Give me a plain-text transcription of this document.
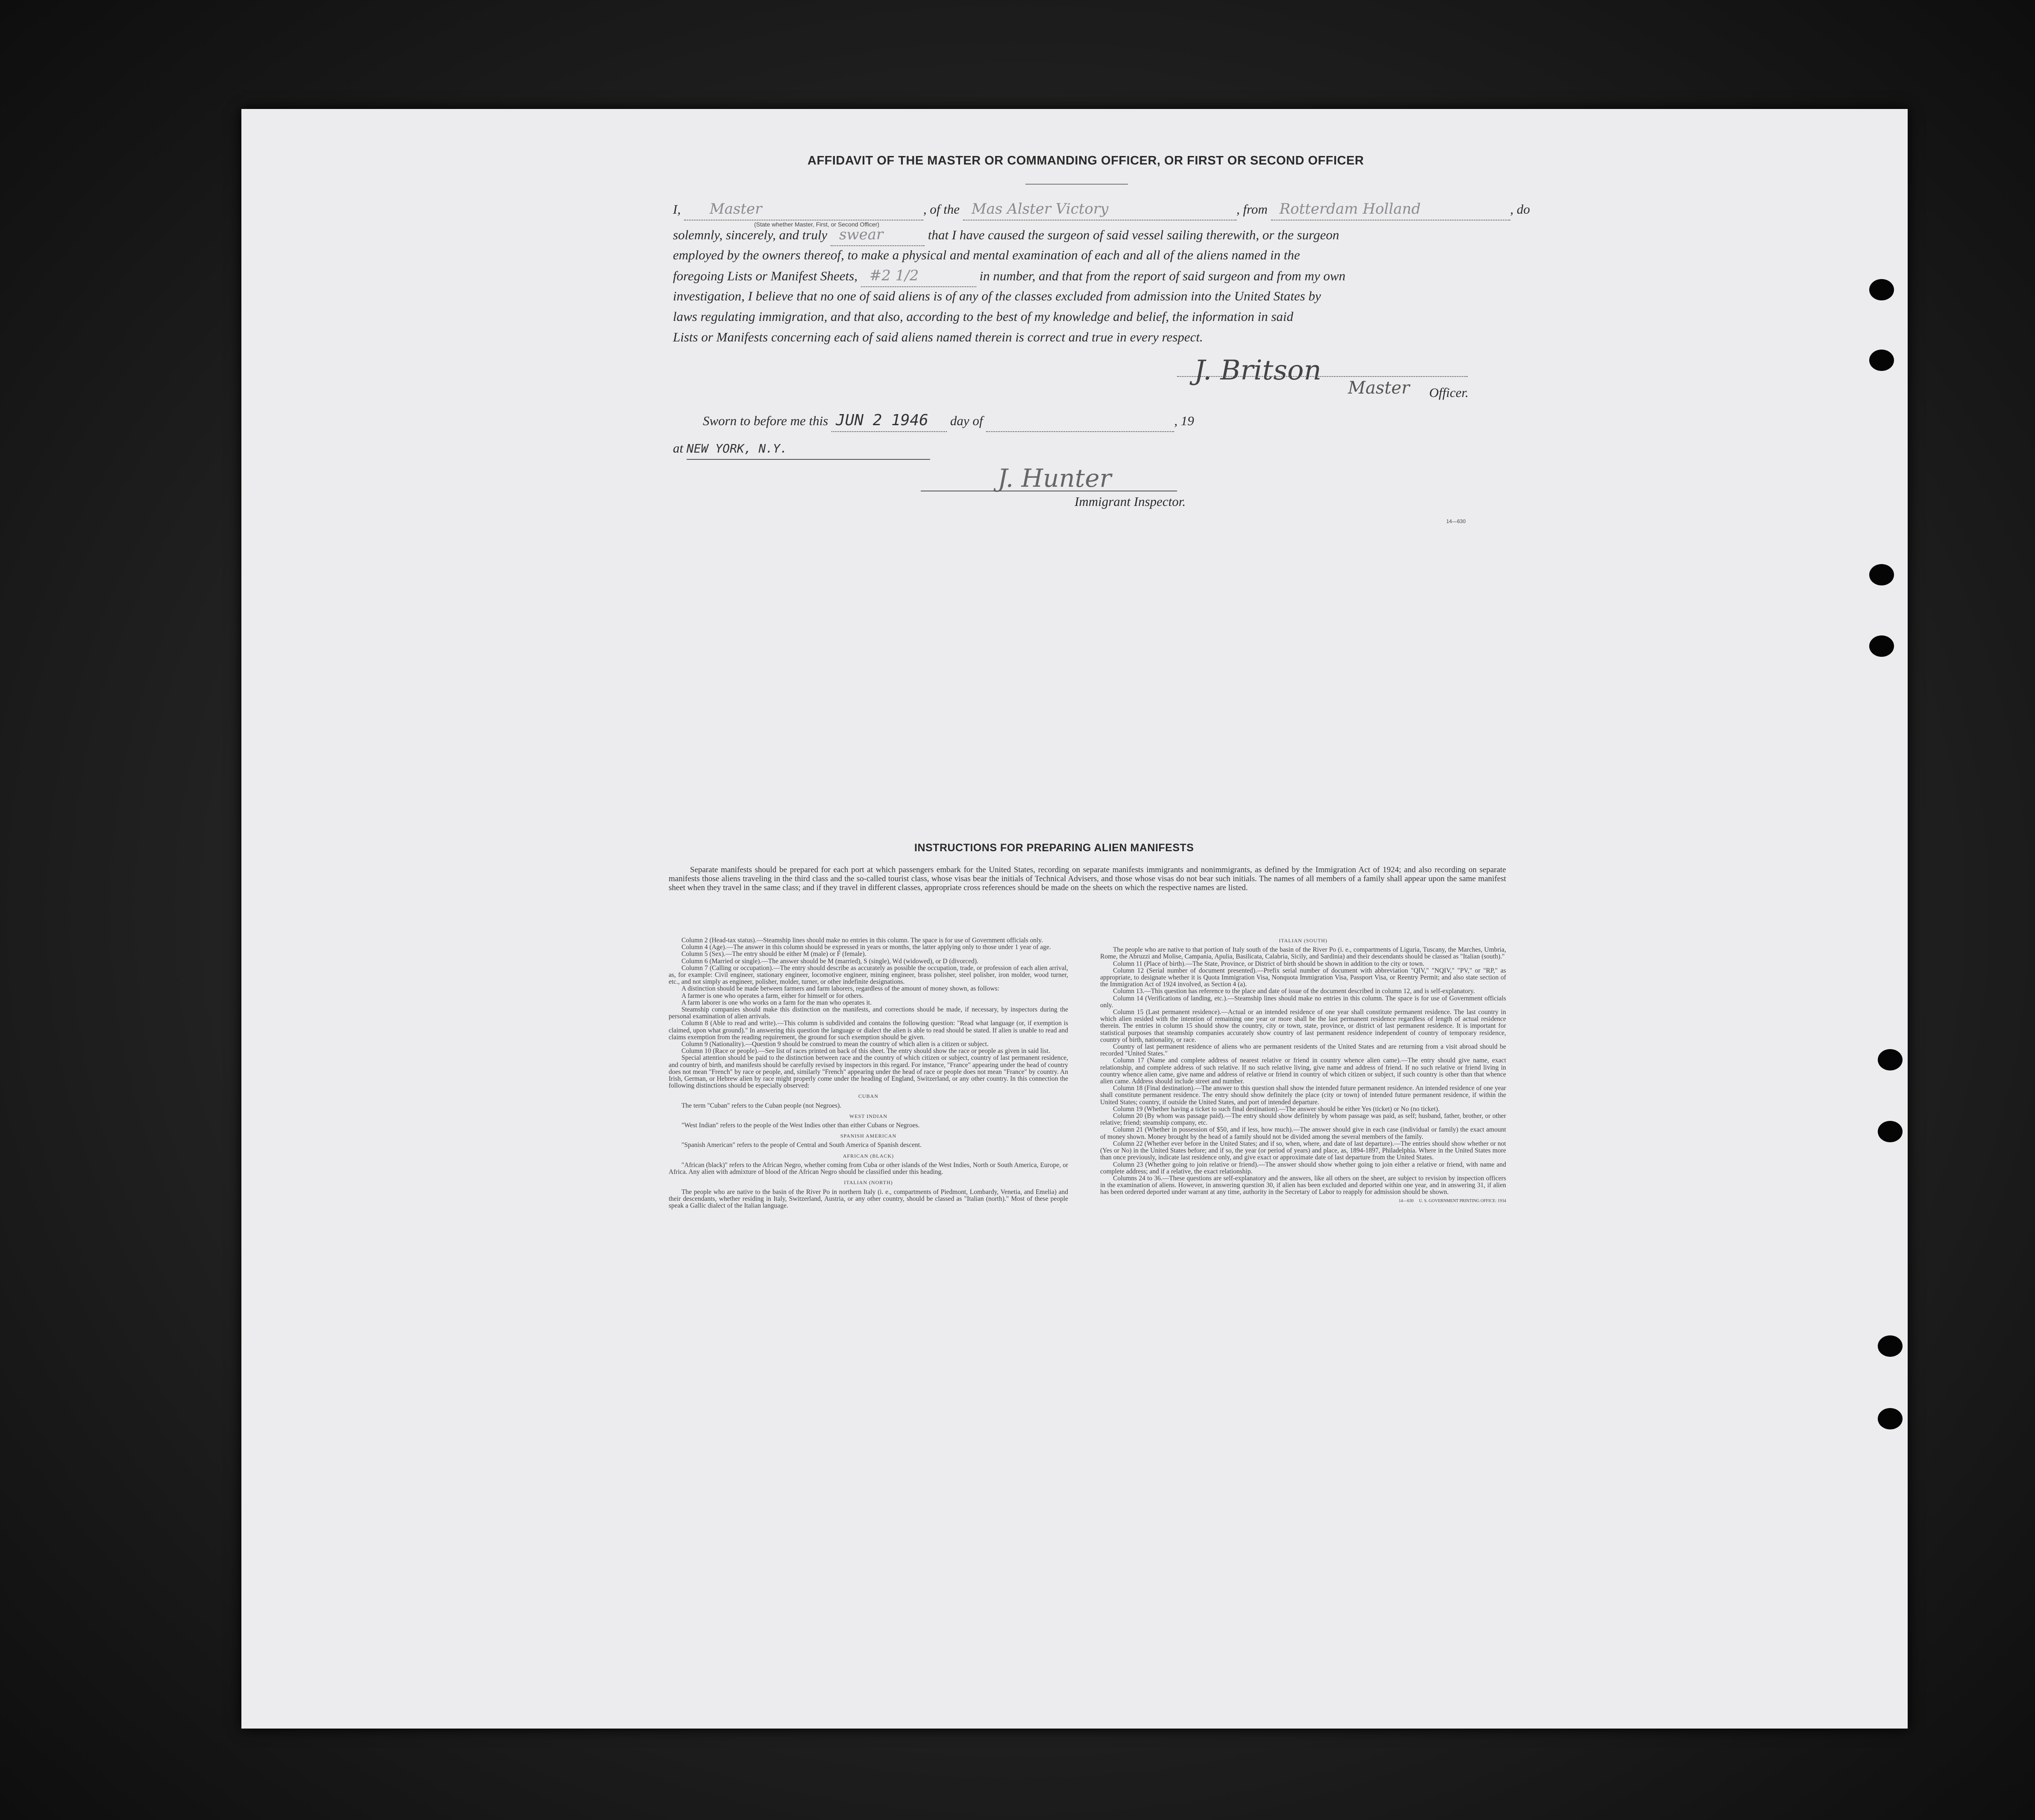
AFFIDAVIT OF THE MASTER OR COMMANDING OFFICER, OR FIRST OR SECOND OFFICER
I, Master	, of the Mas Alster Victory	, from Rotterdam Holland	, do
(State whether Master, First, or Second Officer)
solemnly, sincerely, and truly swear	that I have caused the surgeon of said vessel sailing therewith, or the surgeon
employed by the owners thereof, to make a physical and mental examination of each and all of the aliens named in the
foregoing Lists or Manifest Sheets, #2 1/2	in number, and that from the report of said surgeon and from my own
investigation, I believe that no one of said aliens is of any of the classes excluded from admission into the United States by
laws regulating immigration, and that also, according to the best of my knowledge and belief, the information in said
Lists or Manifests concerning each of said aliens named therein is correct and true in every respect.
J. Britson
Master Officer.
Sworn to before me this JUN 2 1946 day of	, 19
at NEW YORK, N.Y.
J. Hunter
Immigrant Inspector.
14—630
INSTRUCTIONS FOR PREPARING ALIEN MANIFESTS
Separate manifests should be prepared for each port at which passengers embark for the United States, recording on separate manifests immigrants and nonimmigrants, as defined by the Immigration Act of 1924; and also recording on separate manifests those aliens traveling in the third class and the so-called tourist class, whose visas bear the initials of Technical Advisers, and those whose visas do not bear such initials. The names of all members of a family shall appear upon the same manifest sheet when they travel in the same class; and if they travel in different classes, appropriate cross references should be made on the sheets on which the respective names are listed.

Column 2 (Head-tax status).—Steamship lines should make no entries in this column. The space is for use of Government officials only.

Column 4 (Age).—The answer in this column should be expressed in years or months, the latter applying only to those under 1 year of age.

Column 5 (Sex).—The entry should be either M (male) or F (female).

Column 6 (Married or single).—The answer should be M (married), S (single), Wd (widowed), or D (divorced).

Column 7 (Calling or occupation).—The entry should describe as accurately as possible the occupation, trade, or profession of each alien arrival, as, for example: Civil engineer, stationary engineer, locomotive engineer, mining engineer, brass polisher, steel polisher, iron molder, wood turner, etc., and not simply as engineer, polisher, molder, turner, or other indefinite designations.

A distinction should be made between farmers and farm laborers, regardless of the amount of money shown, as follows:

A farmer is one who operates a farm, either for himself or for others.

A farm laborer is one who works on a farm for the man who operates it.

Steamship companies should make this distinction on the manifests, and corrections should be made, if necessary, by inspectors during the personal examination of alien arrivals.

Column 8 (Able to read and write).—This column is subdivided and contains the following question: "Read what language (or, if exemption is claimed, upon what ground)." In answering this question the language or dialect the alien is able to read should be stated. If alien is unable to read and claims exemption from the reading requirement, the ground for such exemption should be given.

Column 9 (Nationality).—Question 9 should be construed to mean the country of which alien is a citizen or subject.

Column 10 (Race or people).—See list of races printed on back of this sheet. The entry should show the race or people as given in said list.

Special attention should be paid to the distinction between race and the country of which citizen or subject, country of last permanent residence, and country of birth, and manifests should be carefully revised by inspectors in this regard. For instance, "France" appearing under the head of country does not mean "French" by race or people, and, similarly "French" appearing under the head of race or people does not mean "France" by country. An Irish, German, or Hebrew alien by race might properly come under the heading of England, Switzerland, or any other country. In this connection the following distinctions should be especially observed:

CUBAN

The term "Cuban" refers to the Cuban people (not Negroes).

WEST INDIAN

"West Indian" refers to the people of the West Indies other than either Cubans or Negroes.

SPANISH AMERICAN

"Spanish American" refers to the people of Central and South America of Spanish descent.

AFRICAN (BLACK)

"African (black)" refers to the African Negro, whether coming from Cuba or other islands of the West Indies, North or South America, Europe, or Africa. Any alien with admixture of blood of the African Negro should be classified under this heading.

ITALIAN (NORTH)

The people who are native to the basin of the River Po in northern Italy (i. e., compartments of Piedmont, Lombardy, Venetia, and Emelia) and their descendants, whether residing in Italy, Switzerland, Austria, or any other country, should be classed as "Italian (north)." Most of these people speak a Gallic dialect of the Italian language.

ITALIAN (SOUTH)

The people who are native to that portion of Italy south of the basin of the River Po (i. e., compartments of Liguria, Tuscany, the Marches, Umbria, Rome, the Abruzzi and Molise, Campania, Apulia, Basilicata, Calabria, Sicily, and Sardinia) and their descendants should be classed as "Italian (south)."

Column 11 (Place of birth).—The State, Province, or District of birth should be shown in addition to the city or town.

Column 12 (Serial number of document presented).—Prefix serial number of document with abbreviation "QIV," "NQIV," "PV," or "RP," as appropriate, to designate whether it is Quota Immigration Visa, Nonquota Immigration Visa, Passport Visa, or Reentry Permit; and also state section of the Immigration Act of 1924 involved, as Section 4 (a).

Column 13.—This question has reference to the place and date of issue of the document described in column 12, and is self-explanatory.

Column 14 (Verifications of landing, etc.).—Steamship lines should make no entries in this column. The space is for use of Government officials only.

Column 15 (Last permanent residence).—Actual or an intended residence of one year shall constitute permanent residence. The last country in which alien resided with the intention of remaining one year or more shall be the last permanent residence regardless of length of actual residence therein. The entries in column 15 should show the country, city or town, state, province, or district of last permanent residence. It is important for statistical purposes that steamship companies accurately show country of last permanent residence independent of country of temporary residence, country of birth, nationality, or race.

Country of last permanent residence of aliens who are permanent residents of the United States and are returning from a visit abroad should be recorded "United States."

Column 17 (Name and complete address of nearest relative or friend in country whence alien came).—The entry should give name, exact relationship, and complete address of such relative. If no such relative living, give name and address of friend. If no such relative or friend living in country whence alien came, give name and address of relative or friend in country of which citizen or subject, if such country is other than that whence alien came. Address should include street and number.

Column 18 (Final destination).—The answer to this question shall show the intended future permanent residence. An intended residence of one year shall constitute permanent residence. The entry should show definitely the place (city or town) of intended future permanent residence, if within the United States; country, if outside the United States, and port of intended departure.

Column 19 (Whether having a ticket to such final destination).—The answer should be either Yes (ticket) or No (no ticket).

Column 20 (By whom was passage paid).—The entry should show definitely by whom passage was paid, as self; husband, father, brother, or other relative; friend; steamship company, etc.

Column 21 (Whether in possession of $50, and if less, how much).—The answer should give in each case (individual or family) the exact amount of money shown. Money brought by the head of a family should not be divided among the several members of the family.

Column 22 (Whether ever before in the United States; and if so, when, where, and date of last departure).—The entries should show whether or not (Yes or No) in the United States before; and if so, the year (or period of years) and place, as, 1894-1897, Philadelphia. Where in the United States more than once previously, indicate last residence only, and give exact or approximate date of last departure from the United States.

Column 23 (Whether going to join relative or friend).—The answer should show whether going to join either a relative or friend, with name and complete address; and if a relative, the exact relationship.

Columns 24 to 36.—These questions are self-explanatory and the answers, like all others on the sheet, are subject to revision by inspection officers in the examination of aliens. However, in answering question 30, if alien has been excluded and deported within one year, and in answering 31, if alien has been ordered deported under warrant at any time, authority in the Secretary of Labor to reapply for admission should be shown.

14—630 U. S. GOVERNMENT PRINTING OFFICE: 1934
